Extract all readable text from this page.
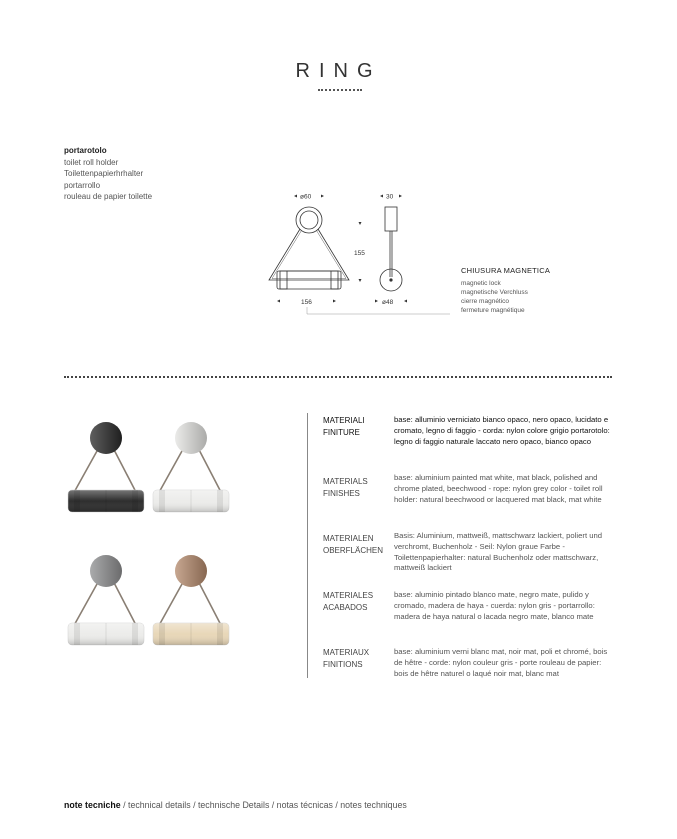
RING
portarotolo
toilet roll holder
Toilettenpapierhrhalter
portarrollo
rouleau de papier toilette	ø60	30
155
156	ø48
CHIUSURA MAGNETICA
magnetic lock
magnetische Verchluss
cierre magnético
fermeture magnétique
MATERIALI
FINITURE
base: alluminio verniciato bianco opaco, nero opaco, lucidato e cromato, legno di faggio - corda: nylon colore grigio portarotolo: legno di faggio naturale laccato nero opaco, bianco opaco
MATERIALS
FINISHES
base: aluminium painted mat white, mat black, polished and chrome plated, beechwood - rope: nylon grey color - toilet roll holder: natural beechwood or lacquered mat black, mat white
MATERIALEN
OBERFLÄCHEN
Basis: Aluminium, mattweiß, mattschwarz lackiert, poliert und verchromt, Buchenholz - Seil: Nylon graue Farbe - Toilettenpapierhalter: natural Buchenholz oder mattschwarz, mattweiß lackiert
MATERIALES
ACABADOS
base: aluminio pintado blanco mate, negro mate, pulido y cromado, madera de haya - cuerda: nylon gris - portarrollo: madera de haya natural o lacada negro mate, blanco mate
MATERIAUX
FINITIONS
base: aluminium verni blanc mat, noir mat, poli et chromé, bois de hêtre - corde: nylon couleur gris - porte rouleau de papier: bois de hêtre naturel o laqué noir mat, blanc mat
note tecniche / technical details / technische Details / notas técnicas / notes techniques
